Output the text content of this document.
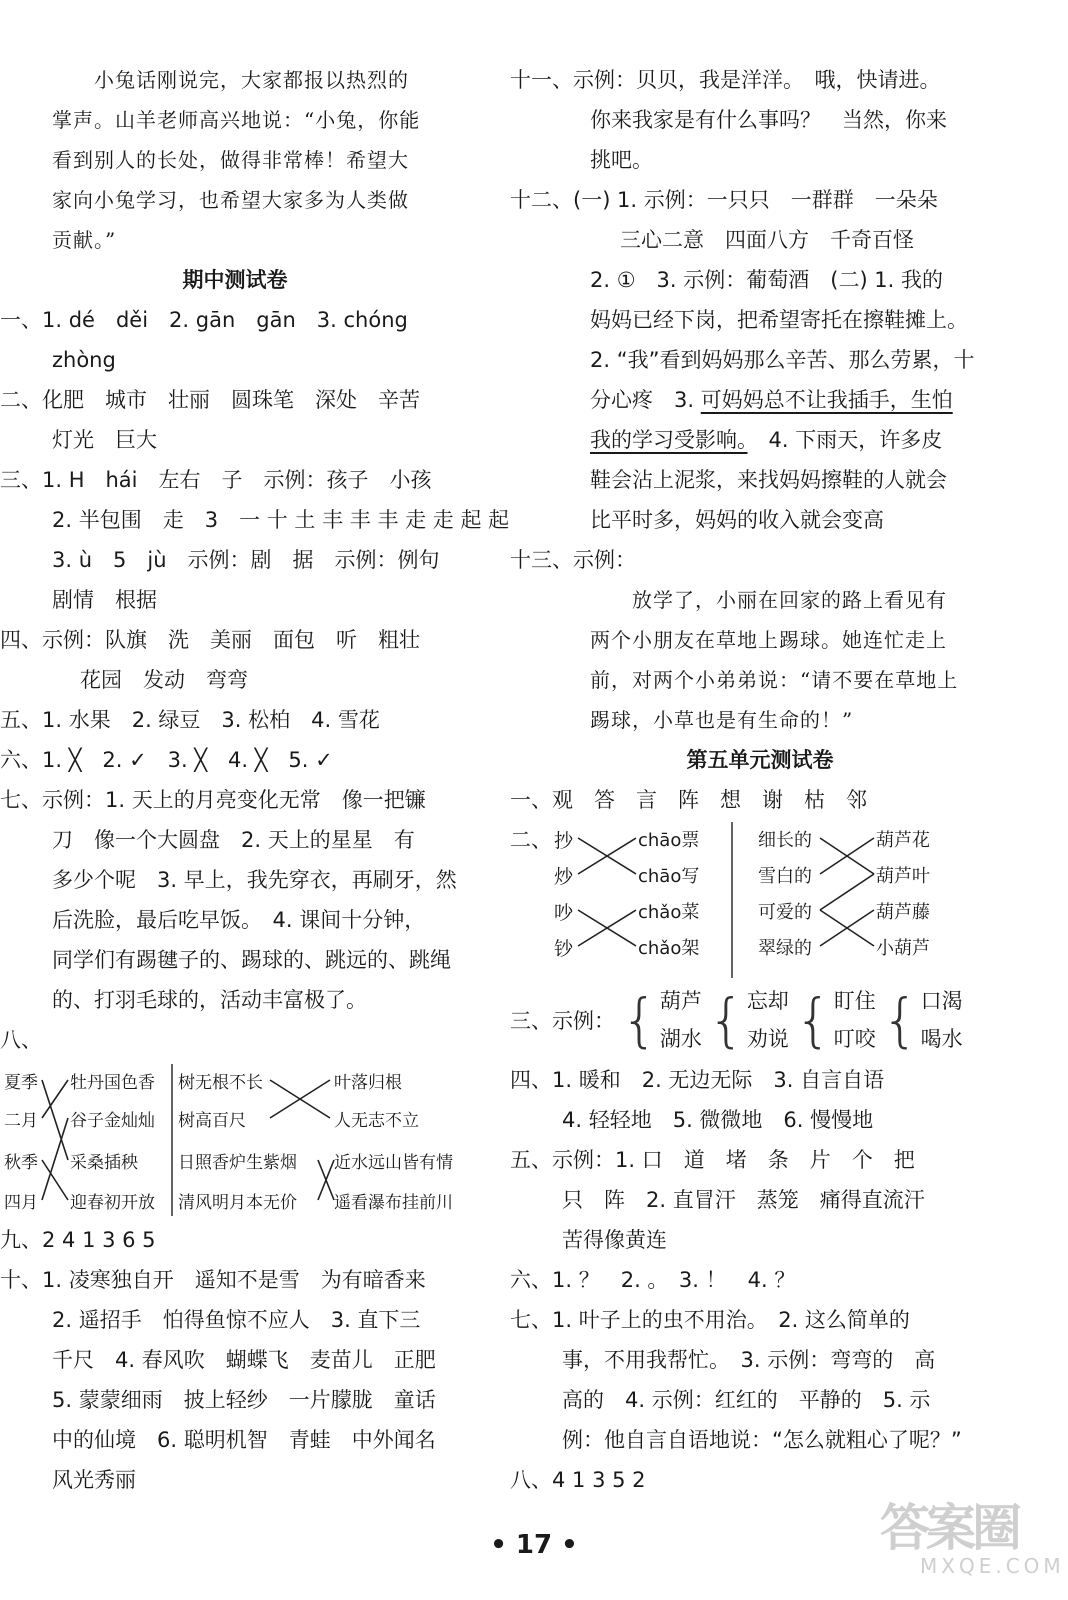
　　小兔话刚说完，大家都报以热烈的
掌声。山羊老师高兴地说：“小兔，你能
看到别人的长处，做得非常棒！希望大
家向小兔学习，也希望大家多为人类做
贡献。”
期中测试卷
一、1. dé　děi　2. gān　gān　3. chóng
zhòng
二、化肥　城市　壮丽　圆珠笔　深处　辛苦
灯光　巨大
三、1. H　hái　左右　子　示例：孩子　小孩
2. 半包围　走　3　一 十 土 丰 丰 丰 走 走 起 起
3. ù　5　jù　示例：剧　据　示例：例句
剧情　根据
四、示例：队旗　洗　美丽　面包　听　粗壮
花园　发动　弯弯
五、1. 水果　2. 绿豆　3. 松柏　4. 雪花
六、1. ╳　2. ✓　3. ╳　4. ╳　5. ✓
七、示例：1. 天上的月亮变化无常　像一把镰
刀　像一个大圆盘　2. 天上的星星　有
多少个呢　3. 早上，我先穿衣，再刷牙，然
后洗脸，最后吃早饭。　4. 课间十分钟，
同学们有踢毽子的、踢球的、跳远的、跳绳
的、打羽毛球的，活动丰富极了。
八、
夏季
二月
秋季
四月
牡丹国色香
谷子金灿灿
采桑插秧
迎春初开放
树无根不长
树高百尺
日照香炉生紫烟
清风明月本无价
叶落归根
人无志不立
近水远山皆有情
遥看瀑布挂前川
九、2 4 1 3 6 5
十、1. 凌寒独自开　遥知不是雪　为有暗香来
2. 遥招手　怕得鱼惊不应人　3. 直下三
千尺　4. 春风吹　蝴蝶飞　麦苗儿　正肥
5. 蒙蒙细雨　披上轻纱　一片朦胧　童话
中的仙境　6. 聪明机智　青蛙　中外闻名
风光秀丽
十一、示例：贝贝，我是洋洋。　哦，快请进。
你来我家是有什么事吗？　当然，你来
挑吧。
十二、(一) 1. 示例：一只只　一群群　一朵朵
三心二意　四面八方　千奇百怪
2. ①　3. 示例：葡萄酒　(二) 1. 我的
妈妈已经下岗，把希望寄托在擦鞋摊上。
2. “我”看到妈妈那么辛苦、那么劳累，十
分心疼　3. 可妈妈总不让我插手，生怕
我的学习受影响。　4. 下雨天，许多皮
鞋会沾上泥浆，来找妈妈擦鞋的人就会
比平时多，妈妈的收入就会变高
十三、示例：
　　放学了，小丽在回家的路上看见有
两个小朋友在草地上踢球。她连忙走上
前，对两个小弟弟说：“请不要在草地上
踢球，小草也是有生命的！”
第五单元测试卷
一、观　答　言　阵　想　谢　枯　邻
二、 抄
炒
吵
钞
chāo票
chāo写
chǎo菜
chǎo架
细长的
雪白的
可爱的
翠绿的
葫芦花
葫芦叶
葫芦藤
小葫芦
三、示例： { 葫芦
湖水 { 忘却
劝说 { 盯住
叮咬 { 口渴
喝水
四、1. 暖和　2. 无边无际　3. 自言自语
4. 轻轻地　5. 微微地　6. 慢慢地
五、示例：1. 口　道　堵　条　片　个　把
只　阵　2. 直冒汗　蒸笼　痛得直流汗
苦得像黄连
六、1. ？　2. 。　3. ！　4. ？
七、1. 叶子上的虫不用治。　2. 这么简单的
事，不用我帮忙。　3. 示例：弯弯的　高
高的　4. 示例：红红的　平静的　5. 示
例：他自言自语地说：“怎么就粗心了呢？”
八、4 1 3 5 2
• 17 •	答案圈
MXQE.COM
